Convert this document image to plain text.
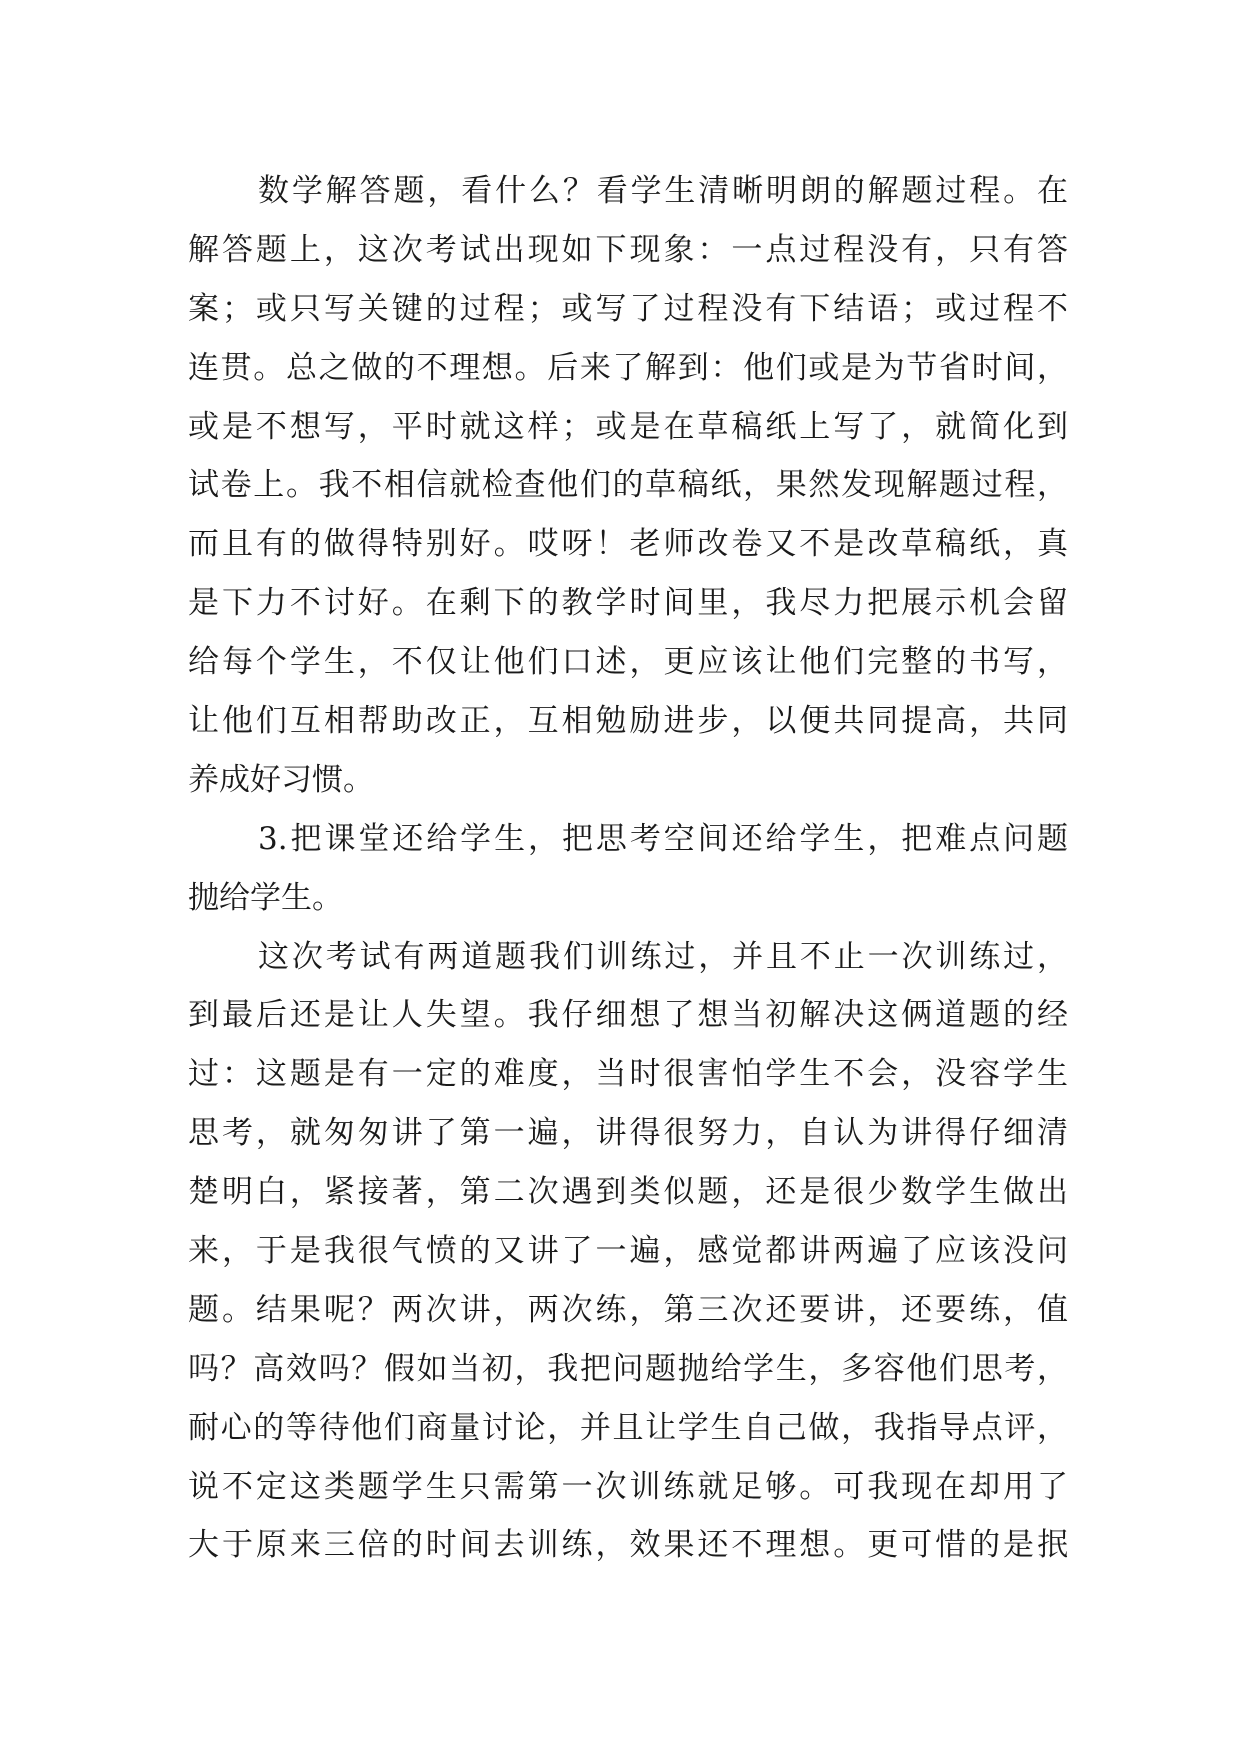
数学解答题，看什么？看学生清晰明朗的解题过程。在
解答题上，这次考试出现如下现象：一点过程没有，只有答
案；或只写关键的过程；或写了过程没有下结语；或过程不
连贯。总之做的不理想。后来了解到：他们或是为节省时间，
或是不想写，平时就这样；或是在草稿纸上写了，就简化到
试卷上。我不相信就检查他们的草稿纸，果然发现解题过程，
而且有的做得特别好。哎呀！老师改卷又不是改草稿纸，真
是下力不讨好。在剩下的教学时间里，我尽力把展示机会留
给每个学生，不仅让他们口述，更应该让他们完整的书写，
让他们互相帮助改正，互相勉励进步，以便共同提高，共同
养成好习惯。
3.把课堂还给学生，把思考空间还给学生，把难点问题
抛给学生。
这次考试有两道题我们训练过，并且不止一次训练过，
到最后还是让人失望。我仔细想了想当初解决这俩道题的经
过：这题是有一定的难度，当时很害怕学生不会，没容学生
思考，就匆匆讲了第一遍，讲得很努力，自认为讲得仔细清
楚明白，紧接著，第二次遇到类似题，还是很少数学生做出
来，于是我很气愤的又讲了一遍，感觉都讲两遍了应该没问
题。结果呢？两次讲，两次练，第三次还要讲，还要练，值
吗？高效吗？假如当初，我把问题抛给学生，多容他们思考，
耐心的等待他们商量讨论，并且让学生自己做，我指导点评，
说不定这类题学生只需第一次训练就足够。可我现在却用了
大于原来三倍的时间去训练，效果还不理想。更可惜的是抿
